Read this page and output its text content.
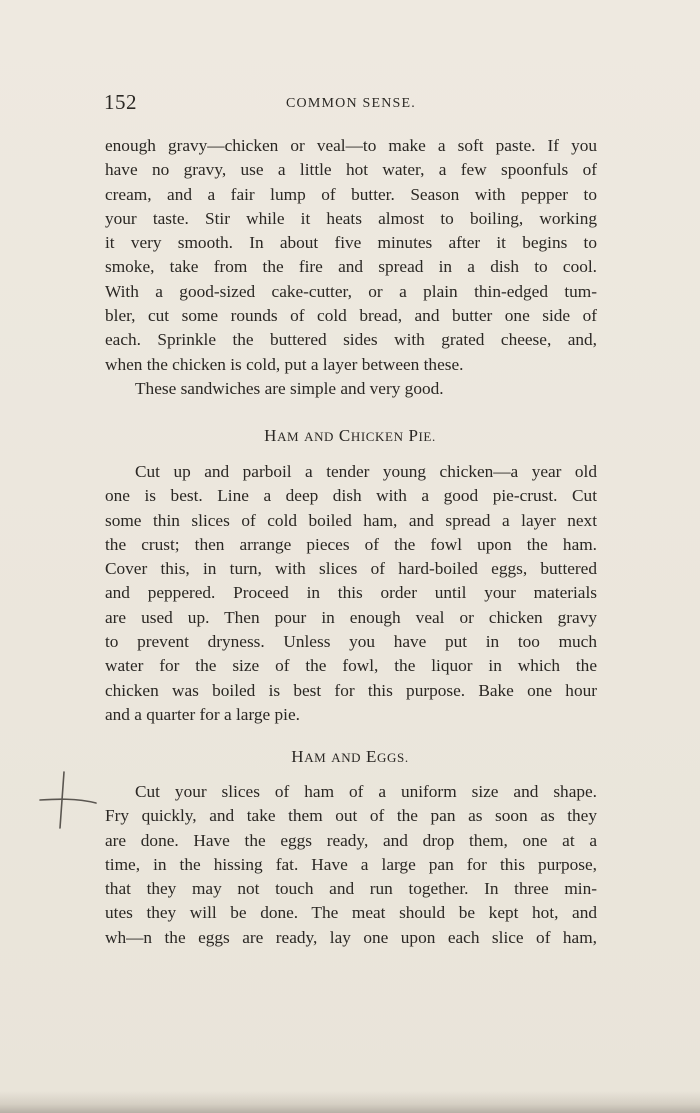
152	COMMON SENSE.
enough gravy—chicken or veal—to make a soft paste. If you
have no gravy, use a little hot water, a few spoonfuls of
cream, and a fair lump of butter. Season with pepper to
your taste. Stir while it heats almost to boiling, working
it very smooth. In about five minutes after it begins to
smoke, take from the fire and spread in a dish to cool.
With a good-sized cake-cutter, or a plain thin-edged tum-
bler, cut some rounds of cold bread, and butter one side of
each. Sprinkle the buttered sides with grated cheese, and,
when the chicken is cold, put a layer between these.
These sandwiches are simple and very good.
HAM AND CHICKEN PIE.
Cut up and parboil a tender young chicken—a year old
one is best. Line a deep dish with a good pie-crust. Cut
some thin slices of cold boiled ham, and spread a layer next
the crust; then arrange pieces of the fowl upon the ham.
Cover this, in turn, with slices of hard-boiled eggs, buttered
and peppered. Proceed in this order until your materials
are used up. Then pour in enough veal or chicken gravy
to prevent dryness. Unless you have put in too much
water for the size of the fowl, the liquor in which the
chicken was boiled is best for this purpose. Bake one hour
and a quarter for a large pie.
HAM AND EGGS.
Cut your slices of ham of a uniform size and shape.
Fry quickly, and take them out of the pan as soon as they
are done. Have the eggs ready, and drop them, one at a
time, in the hissing fat. Have a large pan for this purpose,
that they may not touch and run together. In three min-
utes they will be done. The meat should be kept hot, and
wh—n the eggs are ready, lay one upon each slice of ham,
